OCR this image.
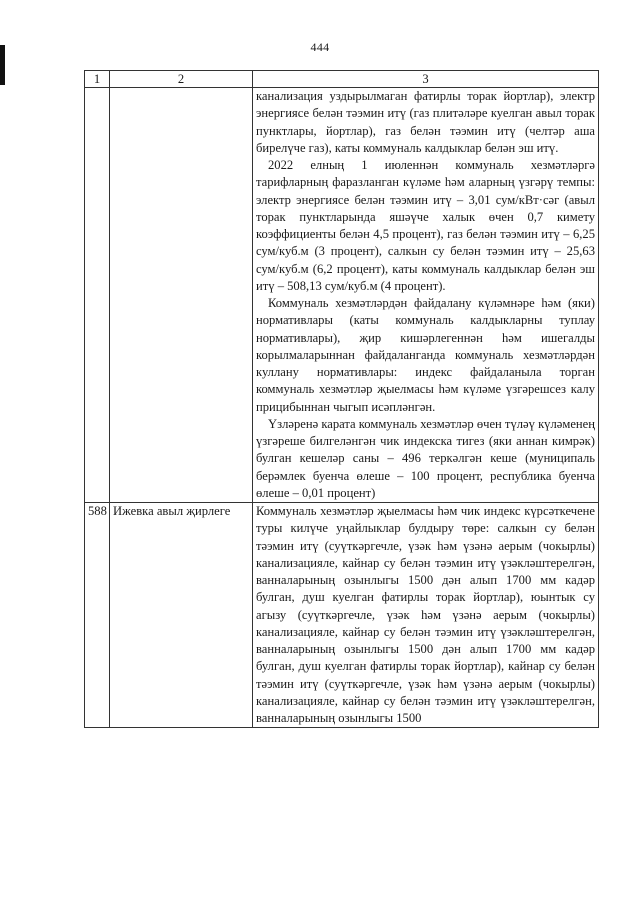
444
1	2	3

		канализация уздырылмаган фатирлы торак йортлар), электр энергиясе белән тәэмин итү (газ плитәләре куелган авыл торак пунктлары, йортлар), газ белән тәэмин итү (челтәр аша бирелүче газ), каты коммуналь калдыклар белән эш итү.
2022 елның 1 июленнән коммуналь хезмәтләргә тарифларның фаразланган күләме һәм аларның үзгәрү темпы: электр энергиясе белән тәэмин итү – 3,01 сум/кВт·сәг (авыл торак пунктларында яшәүче халык өчен 0,7 кимету коэффициенты белән 4,5 процент), газ белән тәэмин итү – 6,25 сум/куб.м (3 процент), салкын су белән тәэмин итү – 25,63 сум/куб.м (6,2 процент), каты коммуналь калдыклар белән эш итү – 508,13 сум/куб.м (4 процент).
Коммуналь хезмәтләрдән файдалану күләмнәре һәм (яки) нормативлары (каты коммуналь калдыкларны туплау нормативлары), җир кишәрлегеннән һәм ишегалды корылмаларыннан файдаланганда коммуналь хезмәтләрдән куллану нормативлары: индекс файдаланыла торган коммуналь хезмәтләр җыелмасы һәм күләме үзгәрешсез калу прицибыннан чыгып исәпләнгән.
Үзләренә карата коммуналь хезмәтләр өчен түләү күләменең үзгәреше билгеләнгән чик индекска тигез (яки аннан кимрәк) булган кешеләр саны – 496 теркәлгән кеше (муниципаль берәмлек буенча өлеше – 100 процент, республика буенча өлеше – 0,01 процент)

588	Ижевка авыл җирлеге	Коммуналь хезмәтләр җыелмасы һәм чик индекс күрсәткечене туры килүче уңайлыклар булдыру төре: салкын су белән тәэмин итү (суүткәргечле, үзәк һәм үзәнә аерым (чокырлы) канализацияле, кайнар су белән тәэмин итү үзәкләштерелгән, ванналарының озынлыгы 1500 дән алып 1700 мм кадәр булган, душ куелган фатирлы торак йортлар), юынтык су агызу (суүткәргечле, үзәк һәм үзәнә аерым (чокырлы) канализацияле, кайнар су белән тәэмин итү үзәкләштерелгән, ванналарының озынлыгы 1500 дән алып 1700 мм кадәр булган, душ куелган фатирлы торак йортлар), кайнар су белән тәэмин итү (суүткәргечле, үзәк һәм үзәнә аерым (чокырлы) канализацияле, кайнар су белән тәэмин итү үзәкләштерелгән, ванналарының озынлыгы 1500
